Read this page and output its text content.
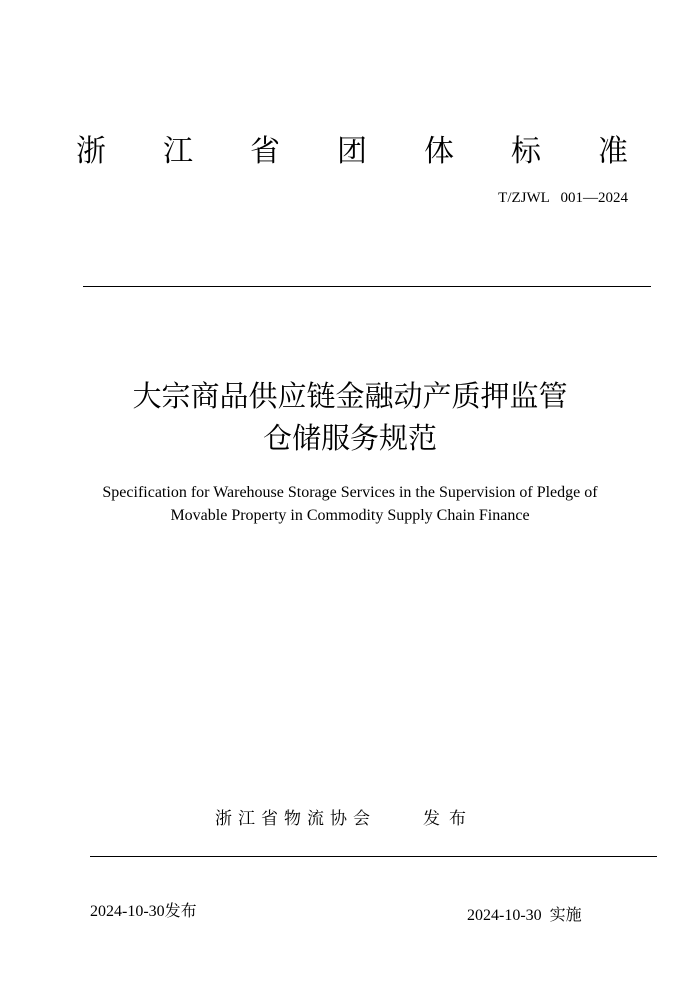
浙 江 省 团 体 标 准
T/ZJWL   001—2024
大宗商品供应链金融动产质押监管
仓储服务规范
Specification for Warehouse Storage Services in the Supervision of Pledge of
Movable Property in Commodity Supply Chain Finance
浙江省物流协会	发布
2024-10-30发布	2024-10-30 实施
